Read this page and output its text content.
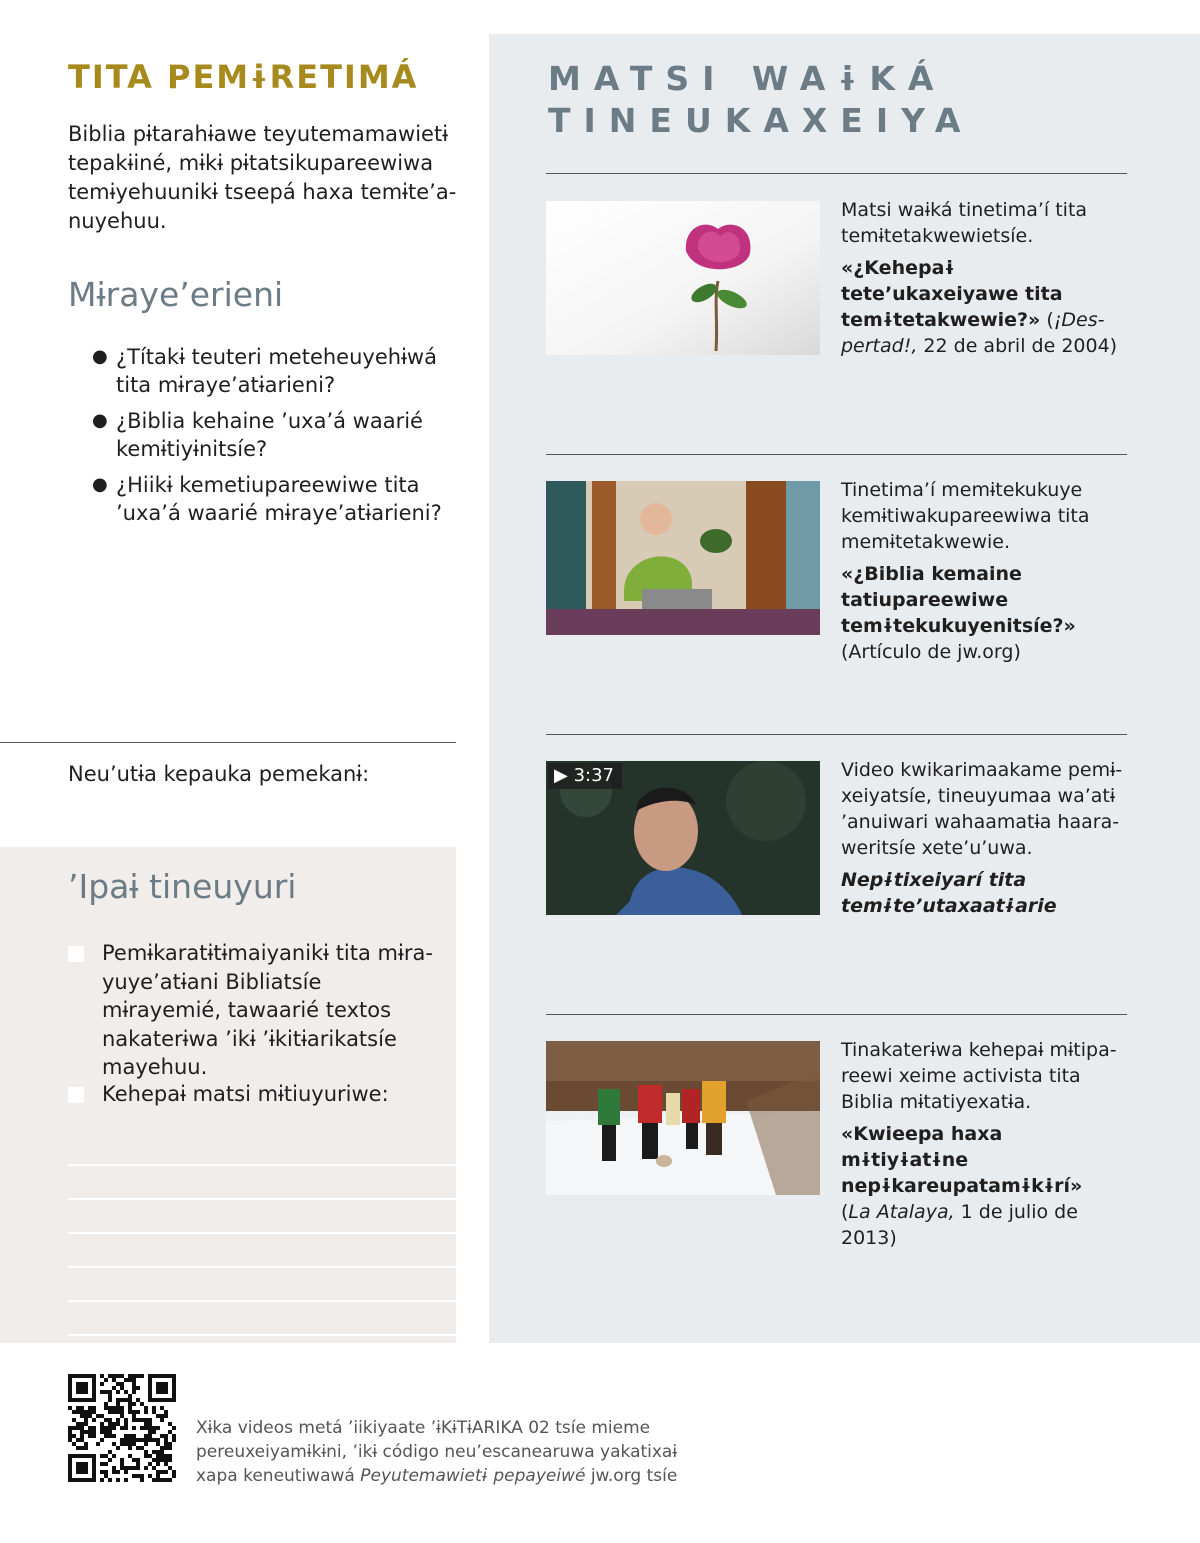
TITA PEMɨRETIMÁ
Biblia pɨtarahɨawe teyutemamawietɨ tepakɨiné, mɨkɨ pɨtatsikupareewiwa temɨyehuunikɨ tseepá haxa temɨte’anuyehuu.
Mɨraye’erieni
● ¿Títakɨ teuteri meteheuyehɨwá tita mɨraye’atɨarieni?
● ¿Biblia kehaine ’uxa’á waarié kemɨtiyɨnitsíe?
● ¿Hiikɨ kemetiupareewiwe tita ’uxa’á waarié mɨraye’atɨarieni?
Neu’utɨa kepauka pemekanɨ:
’Ipaɨ tineuyuri
Pemɨkaratɨtɨmaiyanikɨ tita mɨrayuye’atɨani Bibliatsíe mɨrayemié, tawaarié textos nakaterɨwa ’ikɨ ’ɨkitɨarikatsíe mayehuu.
Kehepaɨ matsi mɨtiuyuriwe:
MATSI WAɨKÁ TINEUKAXEIYA

Matsi waɨká tinetima’í tita temɨtetakwewietsíe.

«¿Kehepaɨ tete’ukaxeiyawe tita temɨtetakwewie?» (¡Despertad!, 22 de abril de 2004)

Tinetima’í memɨtekukuye kemɨtiwakupareewiwa tita memɨtetakwewie.

«¿Biblia kemaine tatiupareewiwe temɨtekukuyenitsíe?»
(Artículo de jw.org)

▶ 3:37	Video kwikarimaakame pemɨxeiyatsíe, tineuyumaa wa’atɨ ’anuiwari wahaamatɨa haaraweritsíe xete’u’uwa.

Nepɨtixeiyarí tita temɨte’utaxaatɨarie

Tinakaterɨwa kehepaɨ mɨtipareewi xeime activista tita Biblia mɨtatiyexatɨa.

«Kwieepa haxa mɨtiyɨatɨne nepɨkareupatamɨkɨrí»
(La Atalaya, 1 de julio de 2013)

Xɨka videos metá ’iikiyaate ’ɨKɨTɨARIKA 02 tsíe mieme pereuxeiyamɨkɨni, ’ikɨ código neu’escanearuwa yakatixaɨ xapa keneutiwawá Peyutemawietɨ pepayeiwé jw.org tsíe
